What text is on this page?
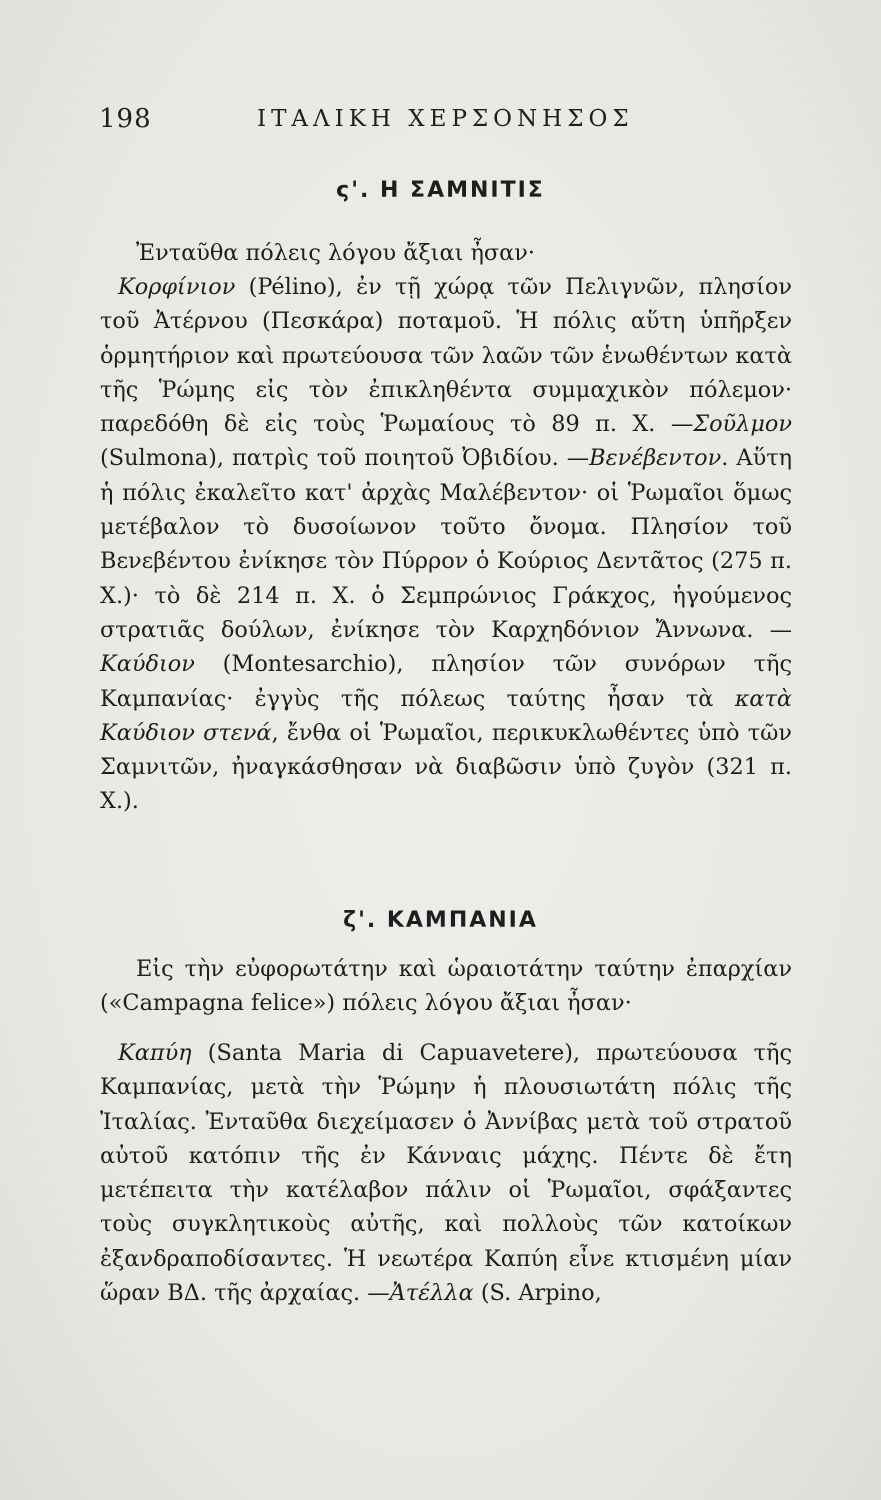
198	ΙΤΑΛΙΚΗ ΧΕΡΣΟΝΗΣΟΣ
ς'. Η ΣΑΜΝΙΤΙΣ

Ἐνταῦθα πόλεις λόγου ἄξιαι ἦσαν·

Κορφίνιον (Pélino), ἐν τῇ χώρᾳ τῶν Πελιγνῶν, πλησίον τοῦ Ἀτέρνου (Πεσκάρα) ποταμοῦ. Ἡ πόλις αὕτη ὑπῆρξεν ὁρμητήριον καὶ πρωτεύουσα τῶν λαῶν τῶν ἑνωθέντων κατὰ τῆς Ῥώμης εἰς τὸν ἐπικληθέντα συμμαχικὸν πόλεμον· παρεδόθη δὲ εἰς τοὺς Ῥωμαίους τὸ 89 π. Χ. —Σοῦλμον (Sulmona), πατρὶς τοῦ ποιητοῦ Ὀβιδίου. —Βενέβεντον. Αὕτη ἡ πόλις ἐκαλεῖτο κατ' ἀρχὰς Μαλέβεντον· οἱ Ῥωμαῖοι ὅμως μετέβαλον τὸ δυσοίωνον τοῦτο ὄνομα. Πλησίον τοῦ Βενεβέντου ἐνίκησε τὸν Πύρρον ὁ Κούριος Δεντᾶτος (275 π. Χ.)· τὸ δὲ 214 π. Χ. ὁ Σεμπρώνιος Γράκχος, ἡγούμενος στρατιᾶς δούλων, ἐνίκησε τὸν Καρχηδόνιον Ἄννωνα. —Καύδιον (Montesarchio), πλησίον τῶν συνόρων τῆς Καμπανίας· ἐγγὺς τῆς πόλεως ταύτης ἦσαν τὰ κατὰ Καύδιον στενά, ἔνθα οἱ Ῥωμαῖοι, περικυκλωθέντες ὑπὸ τῶν Σαμνιτῶν, ἠναγκάσθησαν νὰ διαβῶσιν ὑπὸ ζυγὸν (321 π. Χ.).

ζ'. ΚΑΜΠΑΝΙΑ

Εἰς τὴν εὐφορωτάτην καὶ ὡραιοτάτην ταύτην ἐπαρχίαν («Campagna felice») πόλεις λόγου ἄξιαι ἦσαν·

Καπύη (Santa Maria di Capuavetere), πρωτεύουσα τῆς Καμπανίας, μετὰ τὴν Ῥώμην ἡ πλουσιωτάτη πόλις τῆς Ἰταλίας. Ἐνταῦθα διεχείμασεν ὁ Ἀννίβας μετὰ τοῦ στρατοῦ αὐτοῦ κατόπιν τῆς ἐν Κάνναις μάχης. Πέντε δὲ ἔτη μετέπειτα τὴν κατέλαβον πάλιν οἱ Ῥωμαῖοι, σφάξαντες τοὺς συγκλητικοὺς αὐτῆς, καὶ πολλοὺς τῶν κατοίκων ἐξανδραποδίσαντες. Ἡ νεωτέρα Καπύη εἶνε κτισμένη μίαν ὥραν ΒΔ. τῆς ἀρχαίας. —Ἀτέλλα (S. Arpino,
